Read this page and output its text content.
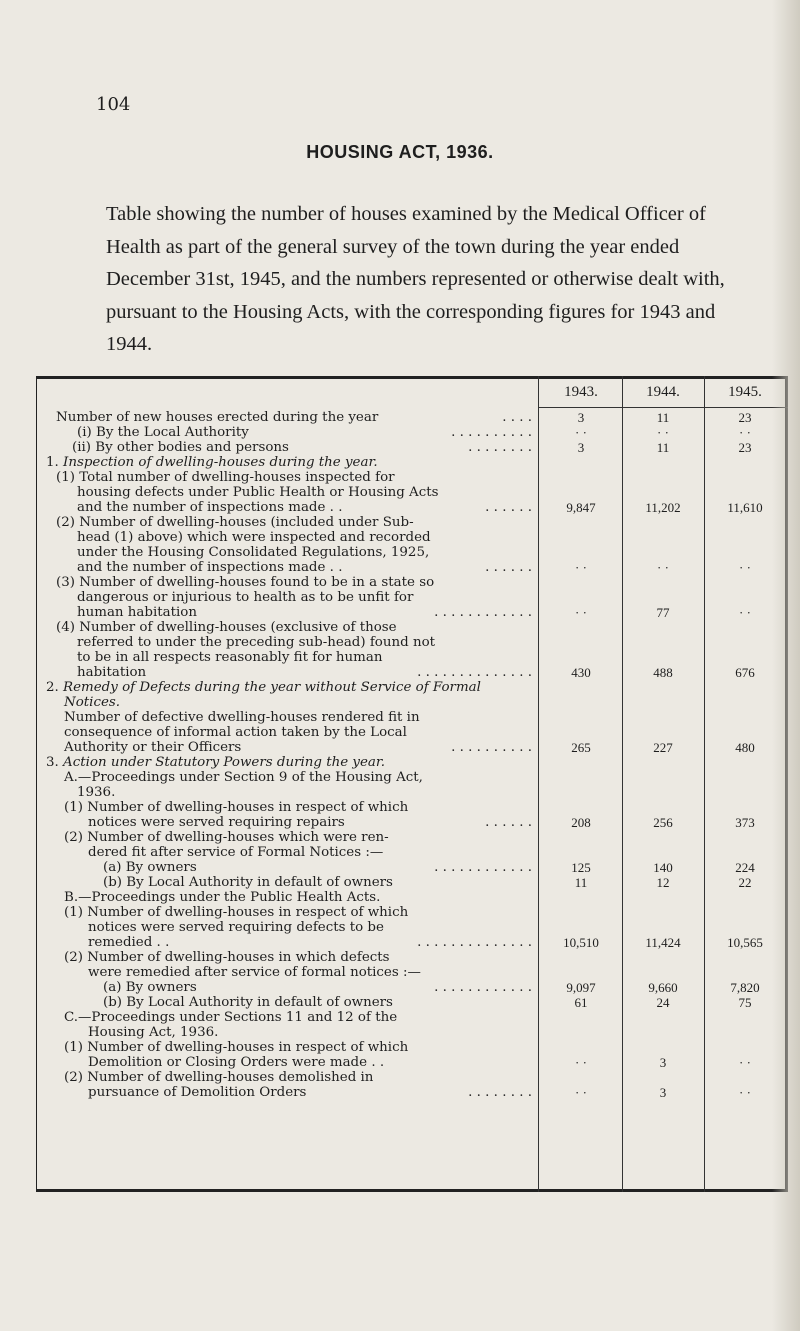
104
HOUSING ACT, 1936.
Table showing the number of houses examined by the Medical Officer of Health as part of the general survey of the town during the year ended December 31st, 1945, and the numbers represented or otherwise dealt with, pursuant to the Housing Acts, with the corresponding figures for 1943 and 1944.
1943.	1944.	1945.
Number of new houses erected during the year	. . . .	3	11	23
(i) By the Local Authority	. . . . . . . . . .	· ·	· ·	· ·
(ii) By other bodies and persons	. . . . . . . .	3	11	23
1. Inspection of dwelling-houses during the year.
(1) Total number of dwelling-houses inspected for
housing defects under Public Health or Housing Acts
and the number of inspections made . .	. . . . . .	9,847	11,202	11,610
(2) Number of dwelling-houses (included under Sub-
head (1) above) which were inspected and recorded
under the Housing Consolidated Regulations, 1925,
and the number of inspections made . .	. . . . . .	· ·	· ·	· ·
(3) Number of dwelling-houses found to be in a state so
dangerous or injurious to health as to be unfit for
human habitation	. . . . . . . . . . . .	· ·	77	· ·
(4) Number of dwelling-houses (exclusive of those
referred to under the preceding sub-head) found not
to be in all respects reasonably fit for human
habitation	. . . . . . . . . . . . . .	430	488	676
2. Remedy of Defects during the year without Service of Formal
Notices.
Number of defective dwelling-houses rendered fit in
consequence of informal action taken by the Local
Authority or their Officers	. . . . . . . . . .	265	227	480
3. Action under Statutory Powers during the year.
A.—Proceedings under Section 9 of the Housing Act,
1936.
(1) Number of dwelling-houses in respect of which
notices were served requiring repairs	. . . . . .	208	256	373
(2) Number of dwelling-houses which were ren-
dered fit after service of Formal Notices :—
(a) By owners	. . . . . . . . . . . .	125	140	224
(b) By Local Authority in default of owners	11	12	22
B.—Proceedings under the Public Health Acts.
(1) Number of dwelling-houses in respect of which
notices were served requiring defects to be
remedied . .	. . . . . . . . . . . . . .	10,510	11,424	10,565
(2) Number of dwelling-houses in which defects
were remedied after service of formal notices :—
(a) By owners	. . . . . . . . . . . .	9,097	9,660	7,820
(b) By Local Authority in default of owners	61	24	75
C.—Proceedings under Sections 11 and 12 of the
Housing Act, 1936.
(1) Number of dwelling-houses in respect of which
Demolition or Closing Orders were made . .	· ·	3	· ·
(2) Number of dwelling-houses demolished in
pursuance of Demolition Orders	. . . . . . . .	· ·	3	· ·
